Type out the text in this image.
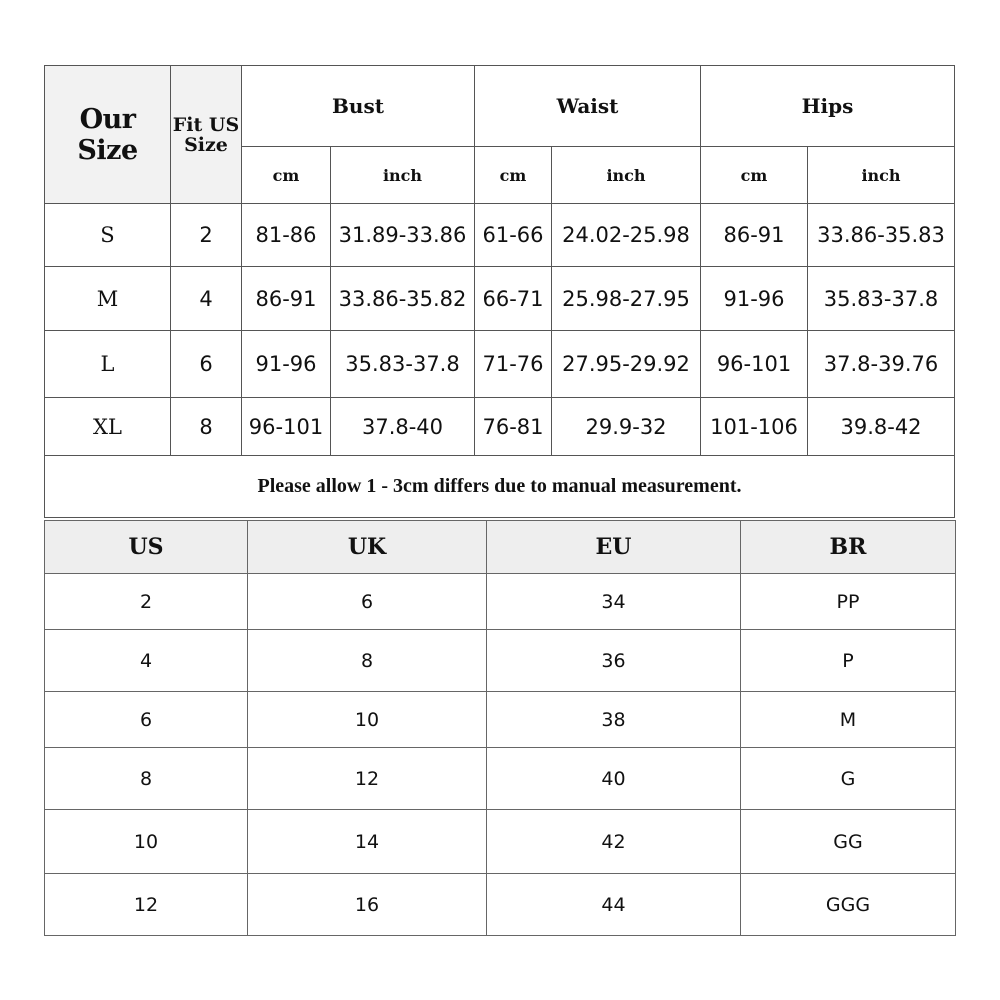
Our Size	Fit US
Size	Bust		Waist		Hips	
		cm	inch	cm	inch	cm	inch
S	2	81-86	31.89-33.86	61-66	24.02-25.98	86-91	33.86-35.83
M	4	86-91	33.86-35.82	66-71	25.98-27.95	91-96	35.83-37.8
L	6	91-96	35.83-37.8	71-76	27.95-29.92	96-101	37.8-39.76
XL	8	96-101	37.8-40	76-81	29.9-32	101-106	39.8-42
Please allow 1 - 3cm differs due to manual measurement.							
US	UK	EU	BR
2	6	34	PP
4	8	36	P
6	10	38	M
8	12	40	G
10	14	42	GG
12	16	44	GGG
